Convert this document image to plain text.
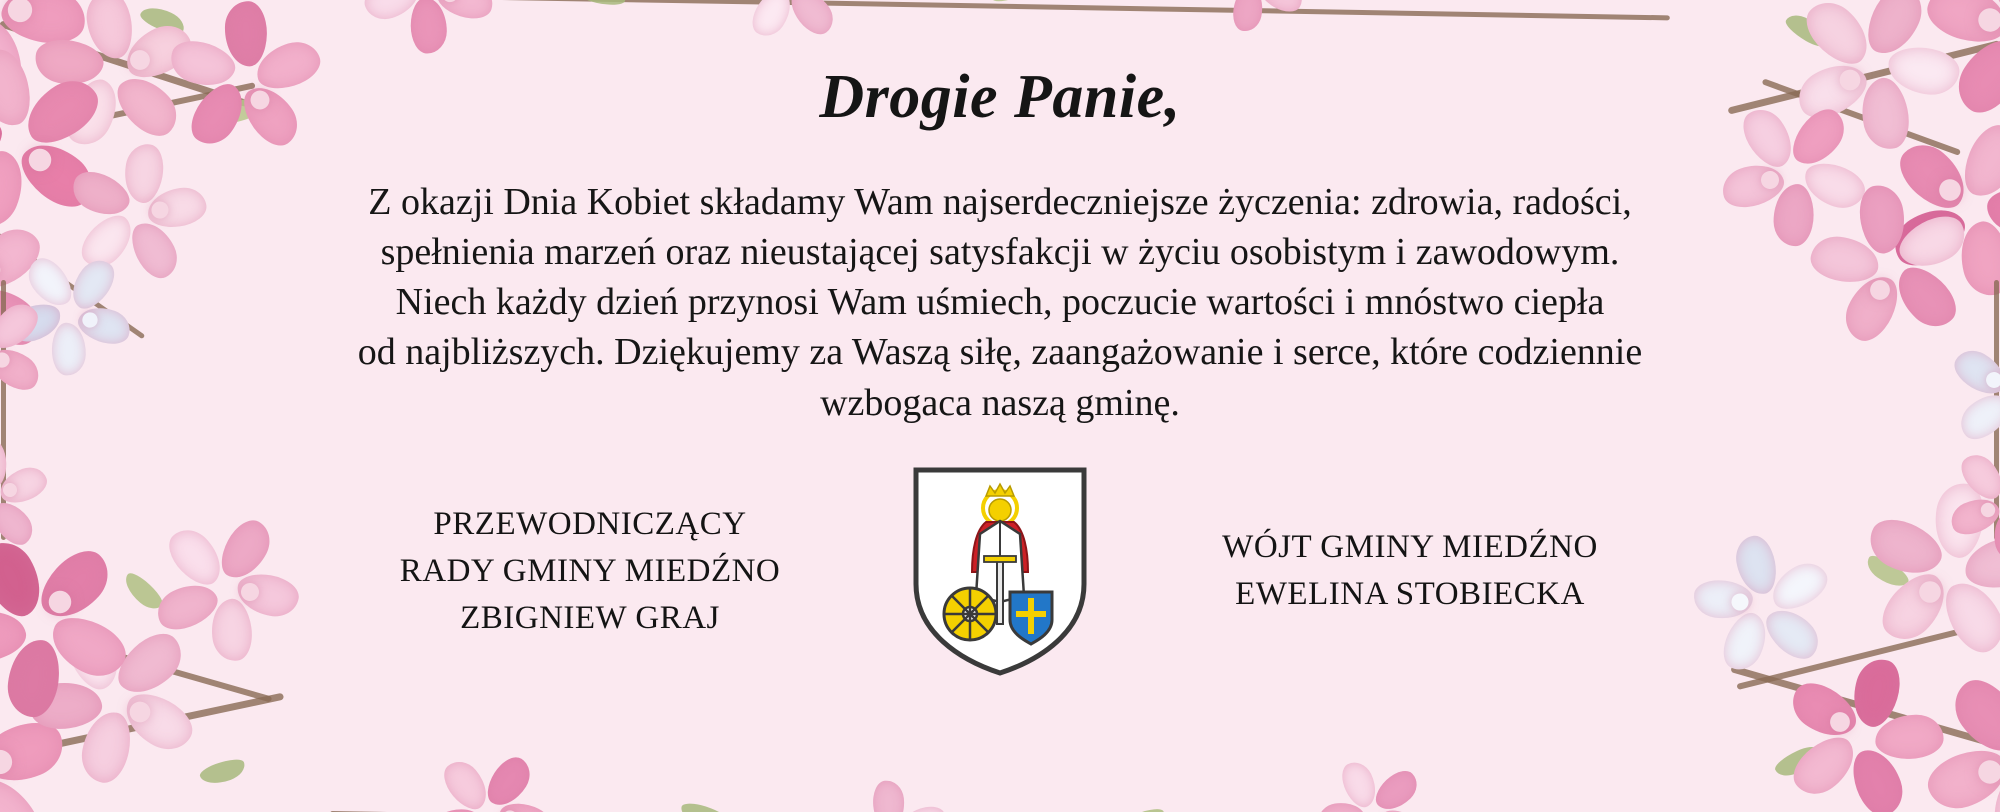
Drogie Panie,
Z okazji Dnia Kobiet składamy Wam najserdeczniejsze życzenia: zdrowia, radości,
spełnienia marzeń oraz nieustającej satysfakcji w życiu osobistym i zawodowym.
Niech każdy dzień przynosi Wam uśmiech, poczucie wartości i mnóstwo ciepła
od najbliższych. Dziękujemy za Waszą siłę, zaangażowanie i serce, które codziennie
wzbogaca naszą gminę.
PRZEWODNICZĄCY
RADY GMINY MIEDŹNO
ZBIGNIEW GRAJ
WÓJT GMINY MIEDŹNO
EWELINA STOBIECKA
